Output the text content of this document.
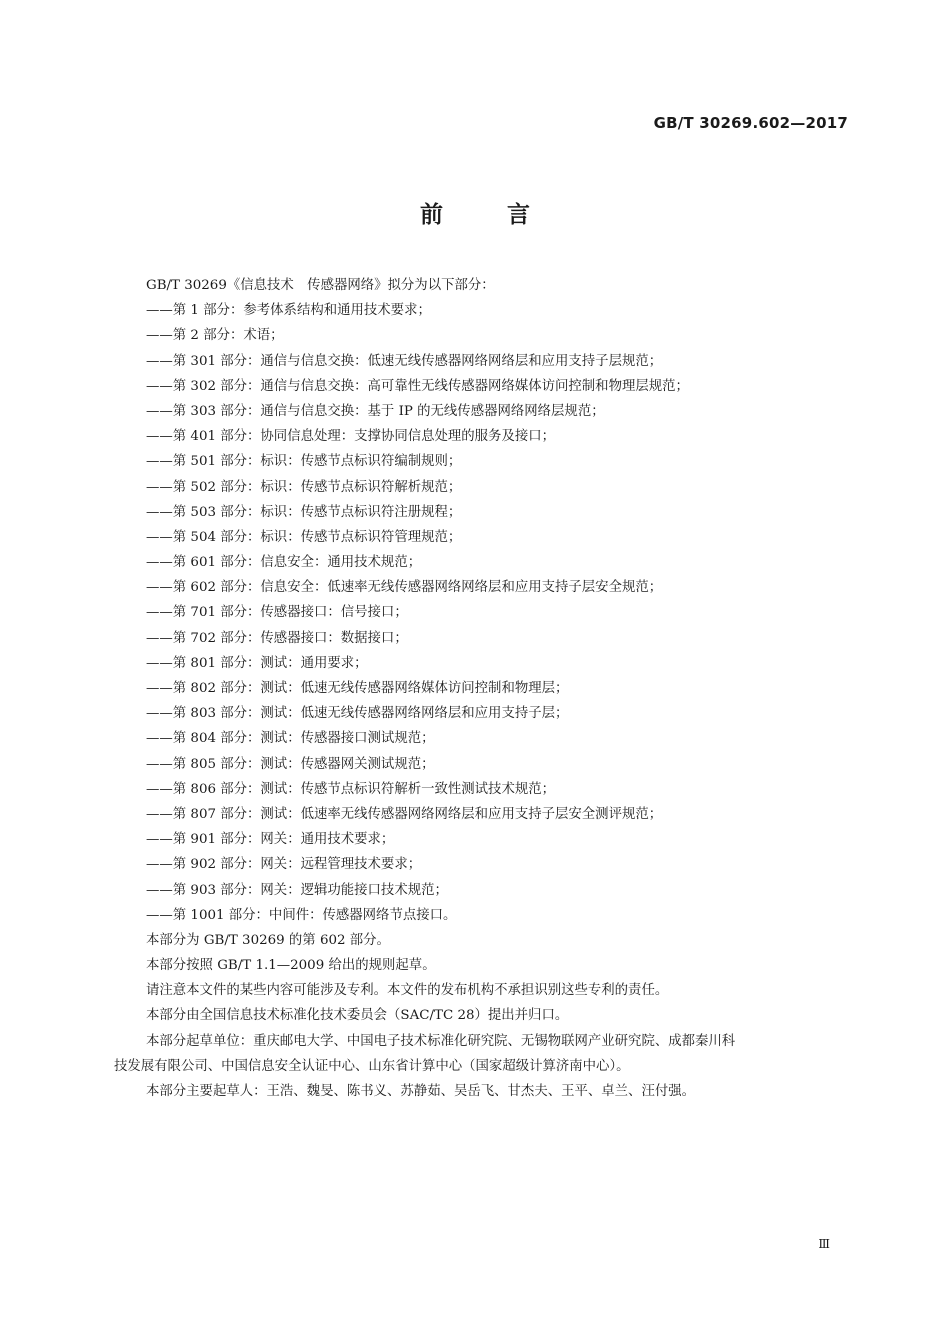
GB/T 30269.602—2017
前	言
GB/T 30269《信息技术　传感器网络》拟分为以下部分：
——第 1 部分：参考体系结构和通用技术要求；
——第 2 部分：术语；
——第 301 部分：通信与信息交换：低速无线传感器网络网络层和应用支持子层规范；
——第 302 部分：通信与信息交换：高可靠性无线传感器网络媒体访问控制和物理层规范；
——第 303 部分：通信与信息交换：基于 IP 的无线传感器网络网络层规范；
——第 401 部分：协同信息处理：支撑协同信息处理的服务及接口；
——第 501 部分：标识：传感节点标识符编制规则；
——第 502 部分：标识：传感节点标识符解析规范；
——第 503 部分：标识：传感节点标识符注册规程；
——第 504 部分：标识：传感节点标识符管理规范；
——第 601 部分：信息安全：通用技术规范；
——第 602 部分：信息安全：低速率无线传感器网络网络层和应用支持子层安全规范；
——第 701 部分：传感器接口：信号接口；
——第 702 部分：传感器接口：数据接口；
——第 801 部分：测试：通用要求；
——第 802 部分：测试：低速无线传感器网络媒体访问控制和物理层；
——第 803 部分：测试：低速无线传感器网络网络层和应用支持子层；
——第 804 部分：测试：传感器接口测试规范；
——第 805 部分：测试：传感器网关测试规范；
——第 806 部分：测试：传感节点标识符解析一致性测试技术规范；
——第 807 部分：测试：低速率无线传感器网络网络层和应用支持子层安全测评规范；
——第 901 部分：网关：通用技术要求；
——第 902 部分：网关：远程管理技术要求；
——第 903 部分：网关：逻辑功能接口技术规范；
——第 1001 部分：中间件：传感器网络节点接口。
本部分为 GB/T 30269 的第 602 部分。
本部分按照 GB/T 1.1—2009 给出的规则起草。
请注意本文件的某些内容可能涉及专利。本文件的发布机构不承担识别这些专利的责任。
本部分由全国信息技术标准化技术委员会（SAC/TC 28）提出并归口。
本部分起草单位：重庆邮电大学、中国电子技术标准化研究院、无锡物联网产业研究院、成都秦川科
技发展有限公司、中国信息安全认证中心、山东省计算中心（国家超级计算济南中心）。
本部分主要起草人：王浩、魏旻、陈书义、苏静茹、吴岳飞、甘杰夫、王平、卓兰、汪付强。
Ⅲ
